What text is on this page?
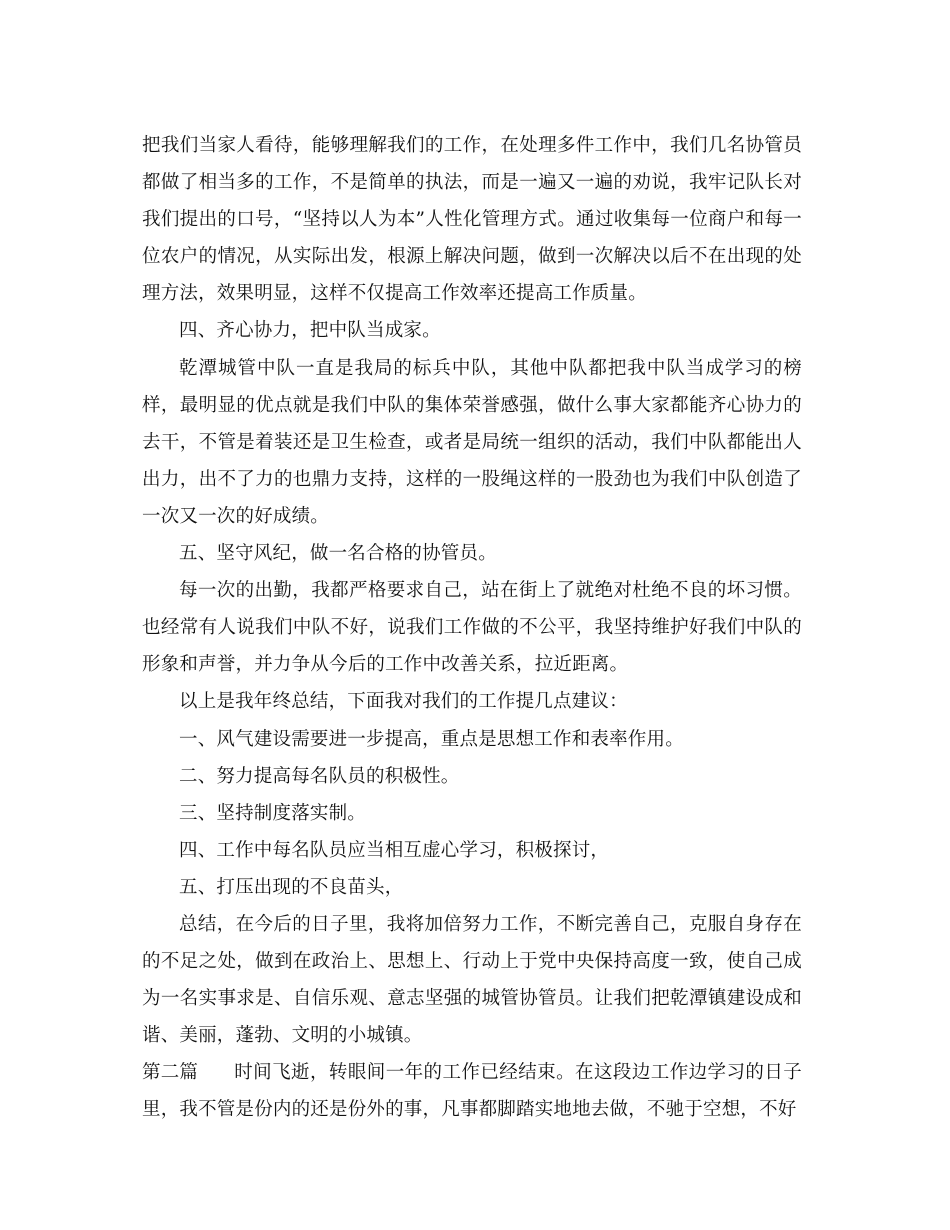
把我们当家人看待，能够理解我们的工作，在处理多件工作中，我们几名协管员都做了相当多的工作，不是简单的执法，而是一遍又一遍的劝说，我牢记队长对我们提出的口号，“坚持以人为本”人性化管理方式。通过收集每一位商户和每一位农户的情况，从实际出发，根源上解决问题，做到一次解决以后不在出现的处理方法，效果明显，这样不仅提高工作效率还提高工作质量。

四、齐心协力，把中队当成家。

乾潭城管中队一直是我局的标兵中队，其他中队都把我中队当成学习的榜样，最明显的优点就是我们中队的集体荣誉感强，做什么事大家都能齐心协力的去干，不管是着装还是卫生检查，或者是局统一组织的活动，我们中队都能出人出力，出不了力的也鼎力支持，这样的一股绳这样的一股劲也为我们中队创造了一次又一次的好成绩。

五、坚守风纪，做一名合格的协管员。

每一次的出勤，我都严格要求自己，站在街上了就绝对杜绝不良的坏习惯。也经常有人说我们中队不好，说我们工作做的不公平，我坚持维护好我们中队的形象和声誉，并力争从今后的工作中改善关系，拉近距离。

以上是我年终总结，下面我对我们的工作提几点建议：

一、风气建设需要进一步提高，重点是思想工作和表率作用。

二、努力提高每名队员的积极性。

三、坚持制度落实制。

四、工作中每名队员应当相互虚心学习，积极探讨，

五、打压出现的不良苗头，

总结，在今后的日子里，我将加倍努力工作，不断完善自己，克服自身存在的不足之处，做到在政治上、思想上、行动上于党中央保持高度一致，使自己成为一名实事求是、自信乐观、意志坚强的城管协管员。让我们把乾潭镇建设成和谐、美丽，蓬勃、文明的小城镇。

第二篇 时间飞逝，转眼间一年的工作已经结束。在这段边工作边学习的日子里，我不管是份内的还是份外的事，凡事都脚踏实地地去做，不驰于空想，不好
